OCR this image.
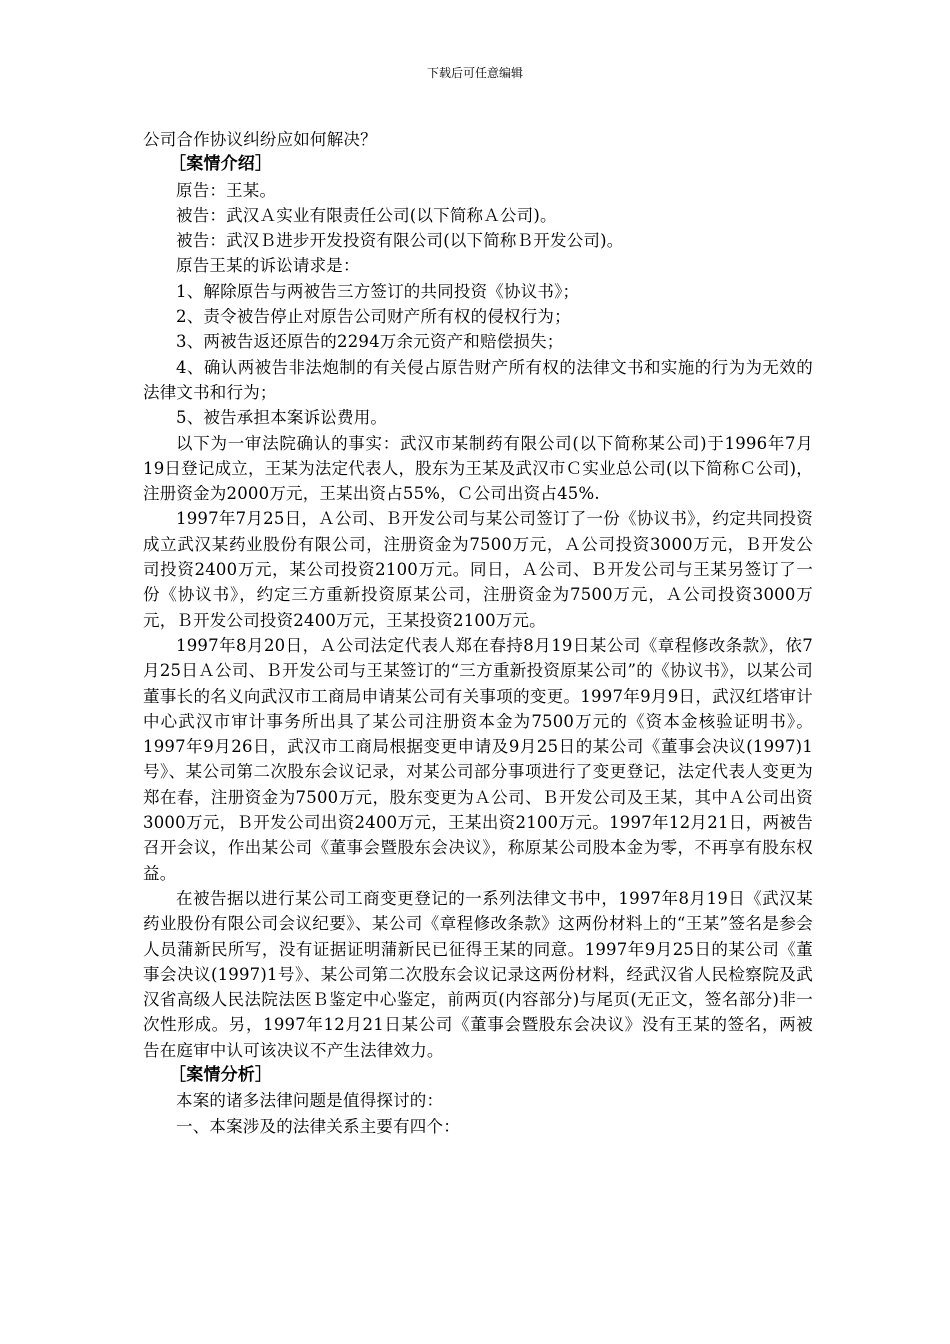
下载后可任意编辑

公司合作协议纠纷应如何解决？

［案情介绍］

原告：王某。

被告：武汉Ａ实业有限责任公司(以下简称Ａ公司)。

被告：武汉Ｂ进步开发投资有限公司(以下简称Ｂ开发公司)。

原告王某的诉讼请求是：

1、解除原告与两被告三方签订的共同投资《协议书》；

2、责令被告停止对原告公司财产所有权的侵权行为；

3、两被告返还原告的2294万余元资产和赔偿损失；

4、确认两被告非法炮制的有关侵占原告财产所有权的法律文书和实施的行为为无效的法律文书和行为；

5、被告承担本案诉讼费用。

以下为一审法院确认的事实：武汉市某制药有限公司(以下简称某公司)于1996年7月19日登记成立，王某为法定代表人，股东为王某及武汉市Ｃ实业总公司(以下简称Ｃ公司)，注册资金为2000万元，王某出资占55%，Ｃ公司出资占45%.

1997年7月25日，Ａ公司、Ｂ开发公司与某公司签订了一份《协议书》，约定共同投资成立武汉某药业股份有限公司，注册资金为7500万元，Ａ公司投资3000万元，Ｂ开发公司投资2400万元，某公司投资2100万元。同日，Ａ公司、Ｂ开发公司与王某另签订了一份《协议书》，约定三方重新投资原某公司，注册资金为7500万元，Ａ公司投资3000万元，Ｂ开发公司投资2400万元，王某投资2100万元。

1997年8月20日，Ａ公司法定代表人郑在春持8月19日某公司《章程修改条款》，依7月25日Ａ公司、Ｂ开发公司与王某签订的“三方重新投资原某公司”的《协议书》，以某公司董事长的名义向武汉市工商局申请某公司有关事项的变更。1997年9月9日，武汉红塔审计中心武汉市审计事务所出具了某公司注册资本金为7500万元的《资本金核验证明书》。1997年9月26日，武汉市工商局根据变更申请及9月25日的某公司《董事会决议(1997)1号》、某公司第二次股东会议记录，对某公司部分事项进行了变更登记，法定代表人变更为郑在春，注册资金为7500万元，股东变更为Ａ公司、Ｂ开发公司及王某，其中Ａ公司出资3000万元，Ｂ开发公司出资2400万元，王某出资2100万元。1997年12月21日，两被告召开会议，作出某公司《董事会暨股东会决议》，称原某公司股本金为零，不再享有股东权益。

在被告据以进行某公司工商变更登记的一系列法律文书中，1997年8月19日《武汉某药业股份有限公司会议纪要》、某公司《章程修改条款》这两份材料上的“王某”签名是参会人员蒲新民所写，没有证据证明蒲新民已征得王某的同意。1997年9月25日的某公司《董事会决议(1997)1号》、某公司第二次股东会议记录这两份材料，经武汉省人民检察院及武汉省高级人民法院法医Ｂ鉴定中心鉴定，前两页(内容部分)与尾页(无正文，签名部分)非一次性形成。另，1997年12月21日某公司《董事会暨股东会决议》没有王某的签名，两被告在庭审中认可该决议不产生法律效力。

［案情分析］

本案的诸多法律问题是值得探讨的：

一、本案涉及的法律关系主要有四个：
